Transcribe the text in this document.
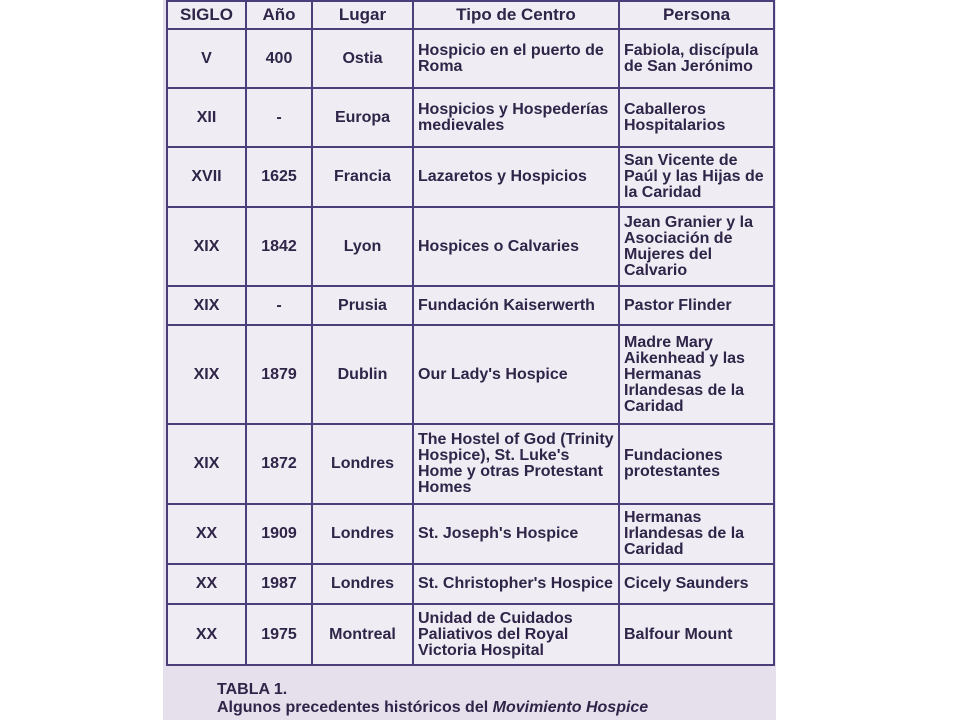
SIGLO	Año	Lugar	Tipo de Centro	Persona
V	400	Ostia	Hospicio en el puerto de Roma	Fabiola, discípula de San Jerónimo
XII	-	Europa	Hospicios y Hospederías medievales	Caballeros Hospitalarios
XVII	1625	Francia	Lazaretos y Hospicios	San Vicente de Paúl y las Hijas de la Caridad
XIX	1842	Lyon	Hospices o Calvaries	Jean Granier y la Asociación de Mujeres del Calvario
XIX	-	Prusia	Fundación Kaiserwerth	Pastor Flinder
XIX	1879	Dublin	Our Lady's Hospice	Madre Mary Aikenhead y las Hermanas Irlandesas de la Caridad
XIX	1872	Londres	The Hostel of God (Trinity Hospice), St. Luke's Home y otras Protestant Homes	Fundaciones protestantes
XX	1909	Londres	St. Joseph's Hospice	Hermanas Irlandesas de la Caridad
XX	1987	Londres	St. Christopher's Hospice	Cicely Saunders
XX	1975	Montreal	Unidad de Cuidados Paliativos del Royal Victoria Hospital	Balfour Mount
TABLA 1.
Algunos precedentes históricos del Movimiento Hospice
